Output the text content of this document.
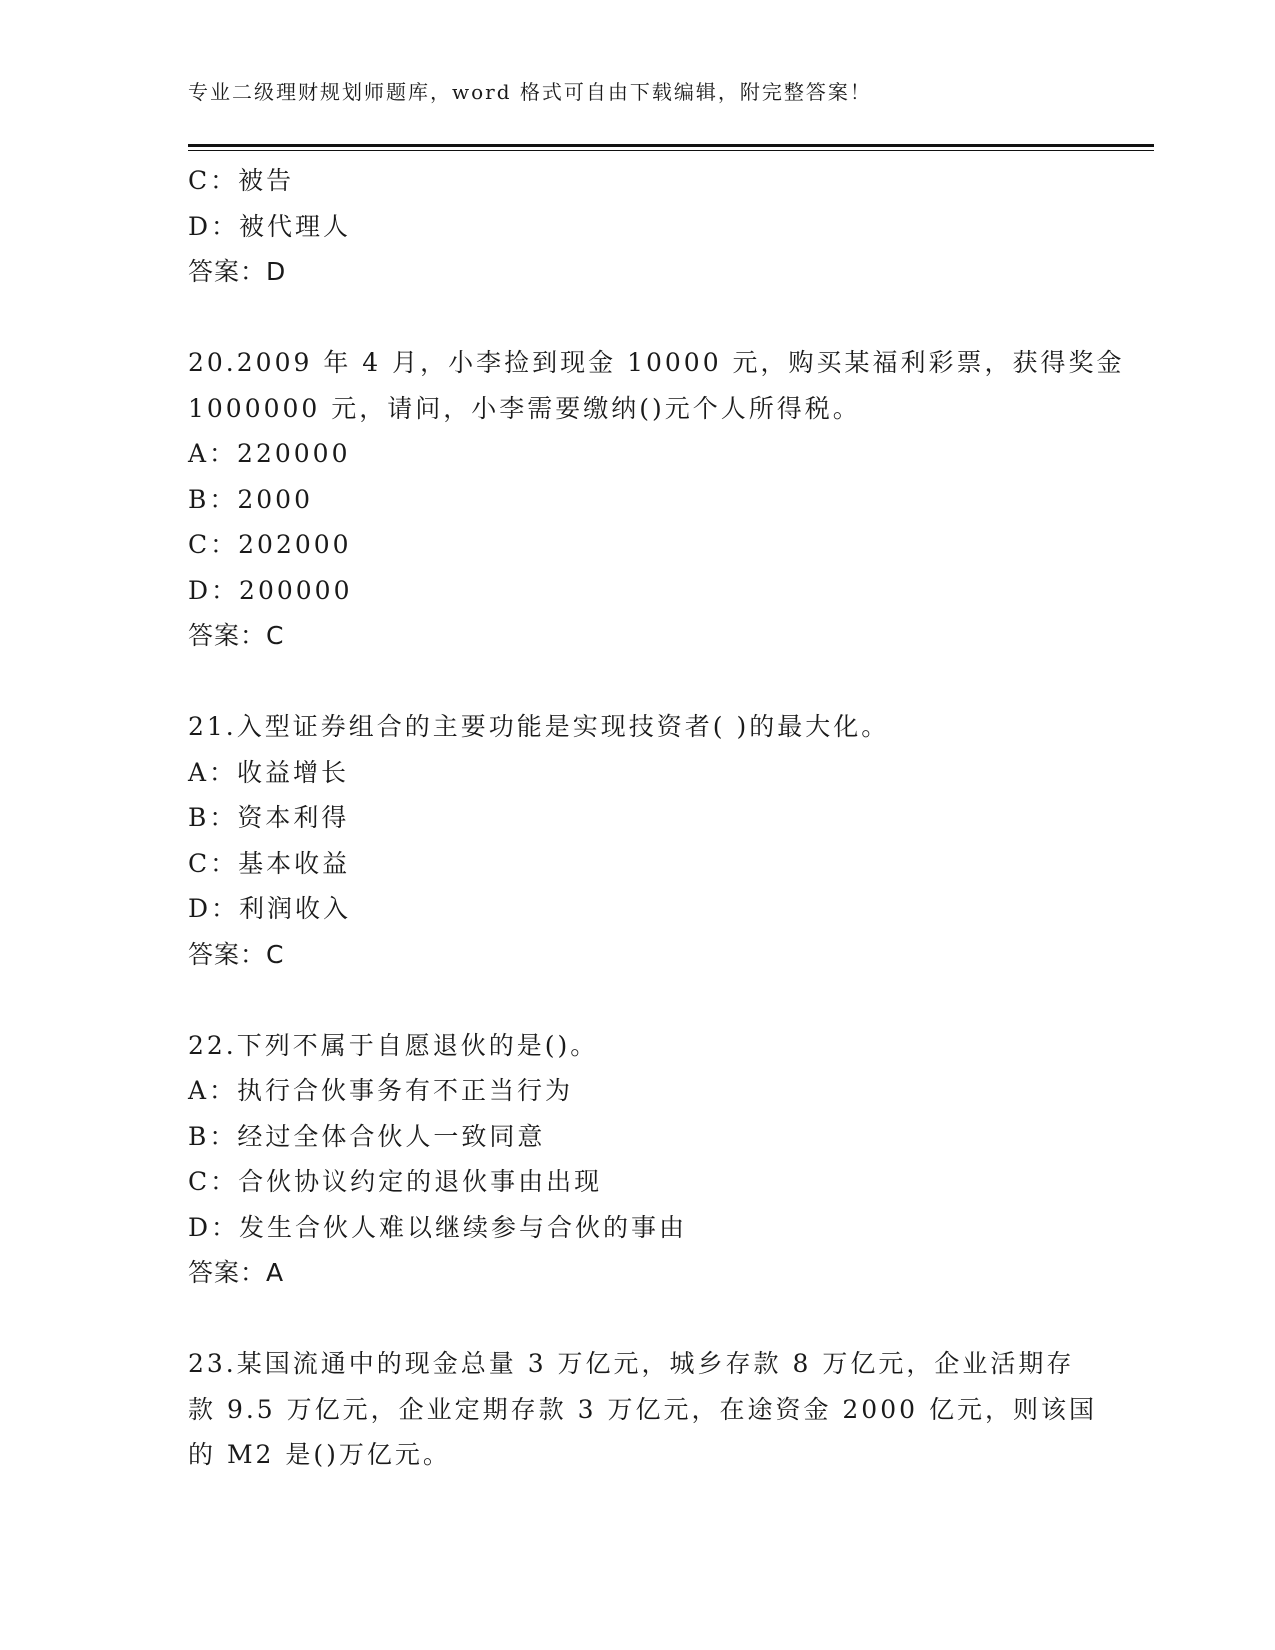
专业二级理财规划师题库，word 格式可自由下载编辑，附完整答案！
C：被告
D：被代理人
答案：D
20.2009 年 4 月，小李捡到现金 10000 元，购买某福利彩票，获得奖金
1000000 元，请问，小李需要缴纳()元个人所得税。
A：220000
B：2000
C：202000
D：200000
答案：C
21.入型证券组合的主要功能是实现技资者( )的最大化。
A：收益增长
B：资本利得
C：基本收益
D：利润收入
答案：C
22.下列不属于自愿退伙的是()。
A：执行合伙事务有不正当行为
B：经过全体合伙人一致同意
C：合伙协议约定的退伙事由出现
D：发生合伙人难以继续参与合伙的事由
答案：A
23.某国流通中的现金总量 3 万亿元，城乡存款 8 万亿元，企业活期存
款 9.5 万亿元，企业定期存款 3 万亿元，在途资金 2000 亿元，则该国
的 M2 是()万亿元。
